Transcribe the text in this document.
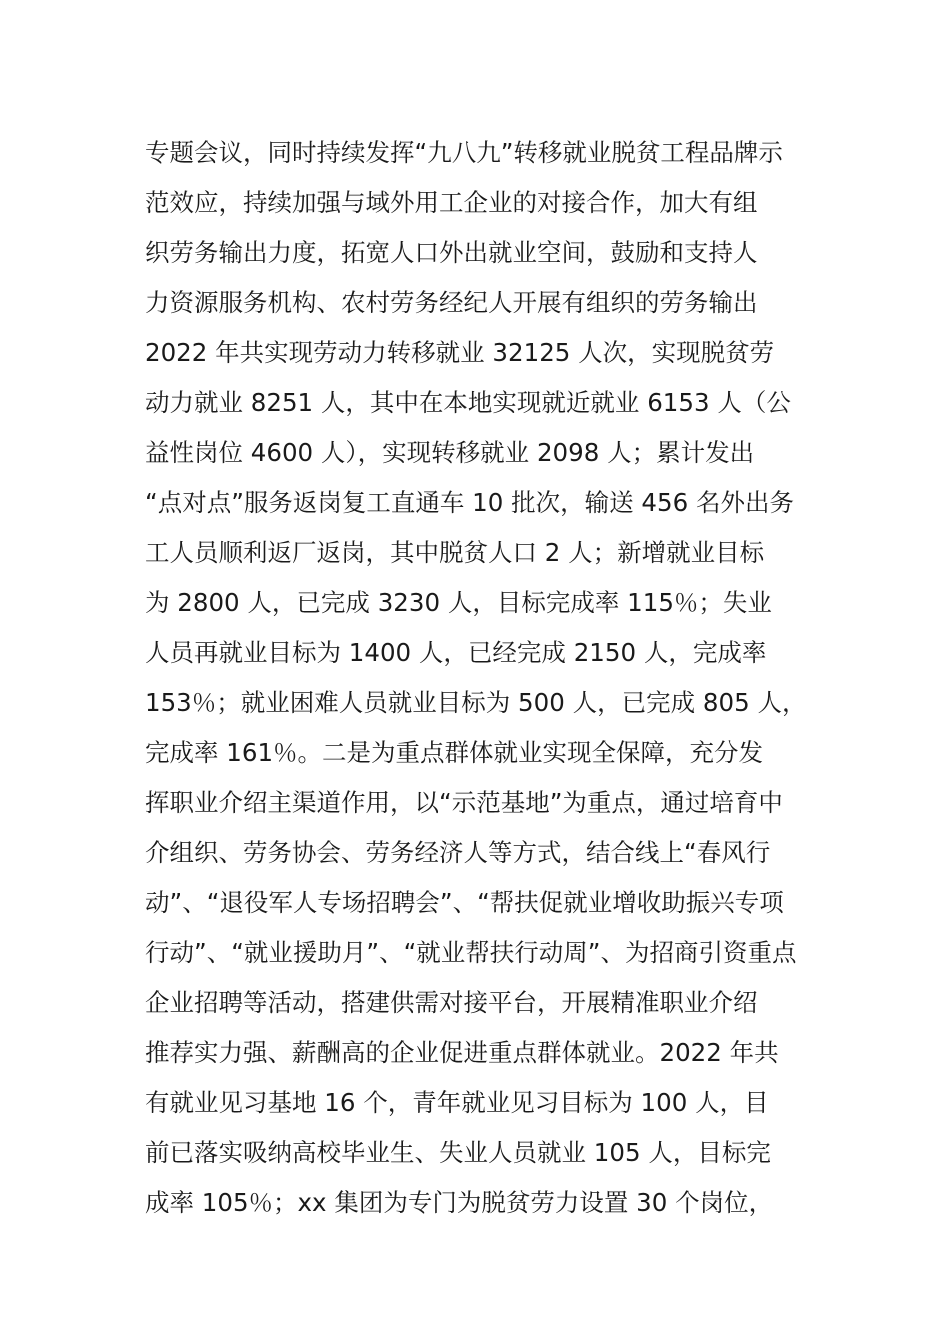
专题会议，同时持续发挥“九八九”转移就业脱贫工程品牌示
范效应，持续加强与域外用工企业的对接合作，加大有组
织劳务输出力度，拓宽人口外出就业空间，鼓励和支持人
力资源服务机构、农村劳务经纪人开展有组织的劳务输出
2022 年共实现劳动力转移就业 32125 人次，实现脱贫劳
动力就业 8251 人，其中在本地实现就近就业 6153 人（公
益性岗位 4600 人），实现转移就业 2098 人；累计发出
“点对点”服务返岗复工直通车 10 批次，输送 456 名外出务
工人员顺利返厂返岗，其中脱贫人口 2 人；新增就业目标
为 2800 人，已完成 3230 人，目标完成率 115％；失业
人员再就业目标为 1400 人，已经完成 2150 人，完成率
153％；就业困难人员就业目标为 500 人，已完成 805 人，
完成率 161％。二是为重点群体就业实现全保障，充分发
挥职业介绍主渠道作用，以“示范基地”为重点，通过培育中
介组织、劳务协会、劳务经济人等方式，结合线上“春风行
动”、“退役军人专场招聘会”、“帮扶促就业增收助振兴专项
行动”、“就业援助月”、“就业帮扶行动周”、为招商引资重点
企业招聘等活动，搭建供需对接平台，开展精准职业介绍
推荐实力强、薪酬高的企业促进重点群体就业。2022 年共
有就业见习基地 16 个，青年就业见习目标为 100 人，目
前已落实吸纳高校毕业生、失业人员就业 105 人，目标完
成率 105％；xx 集团为专门为脱贫劳力设置 30 个岗位，
